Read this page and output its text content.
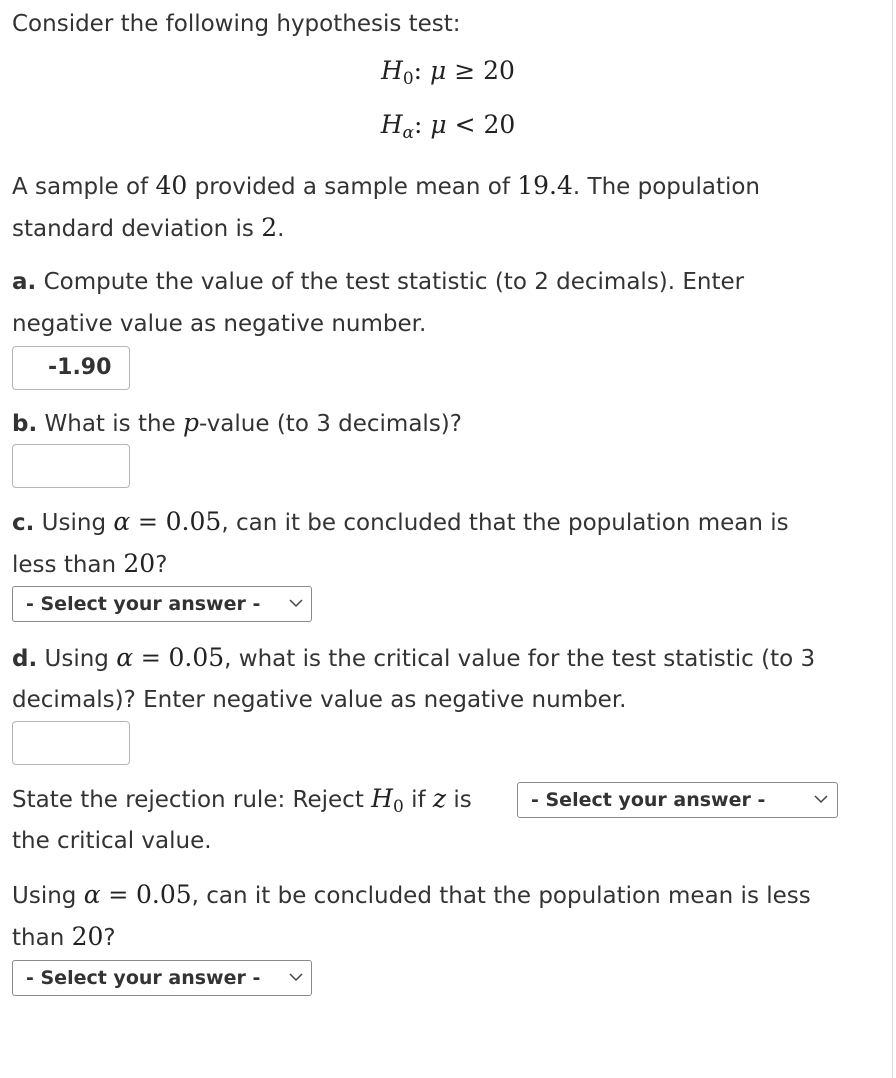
Consider the following hypothesis test:

$H_0$: μ ≥ 20
$H_\alpha$: μ < 20

A sample of 40 provided a sample mean of 19.4. The population

standard deviation is 2.

a. Compute the value of the test statistic (to 2 decimals). Enter

negative value as negative number.

-1.90

b. What is the p-value (to 3 decimals)?

c. Using α = 0.05, can it be concluded that the population mean is

less than 20?

- Select your answer -

d. Using α = 0.05, what is the critical value for the test statistic (to 3

decimals)? Enter negative value as negative number.

State the rejection rule: Reject $H_0$ if z is	- Select your answer -

the critical value.

Using α = 0.05, can it be concluded that the population mean is less

than 20?

- Select your answer -
